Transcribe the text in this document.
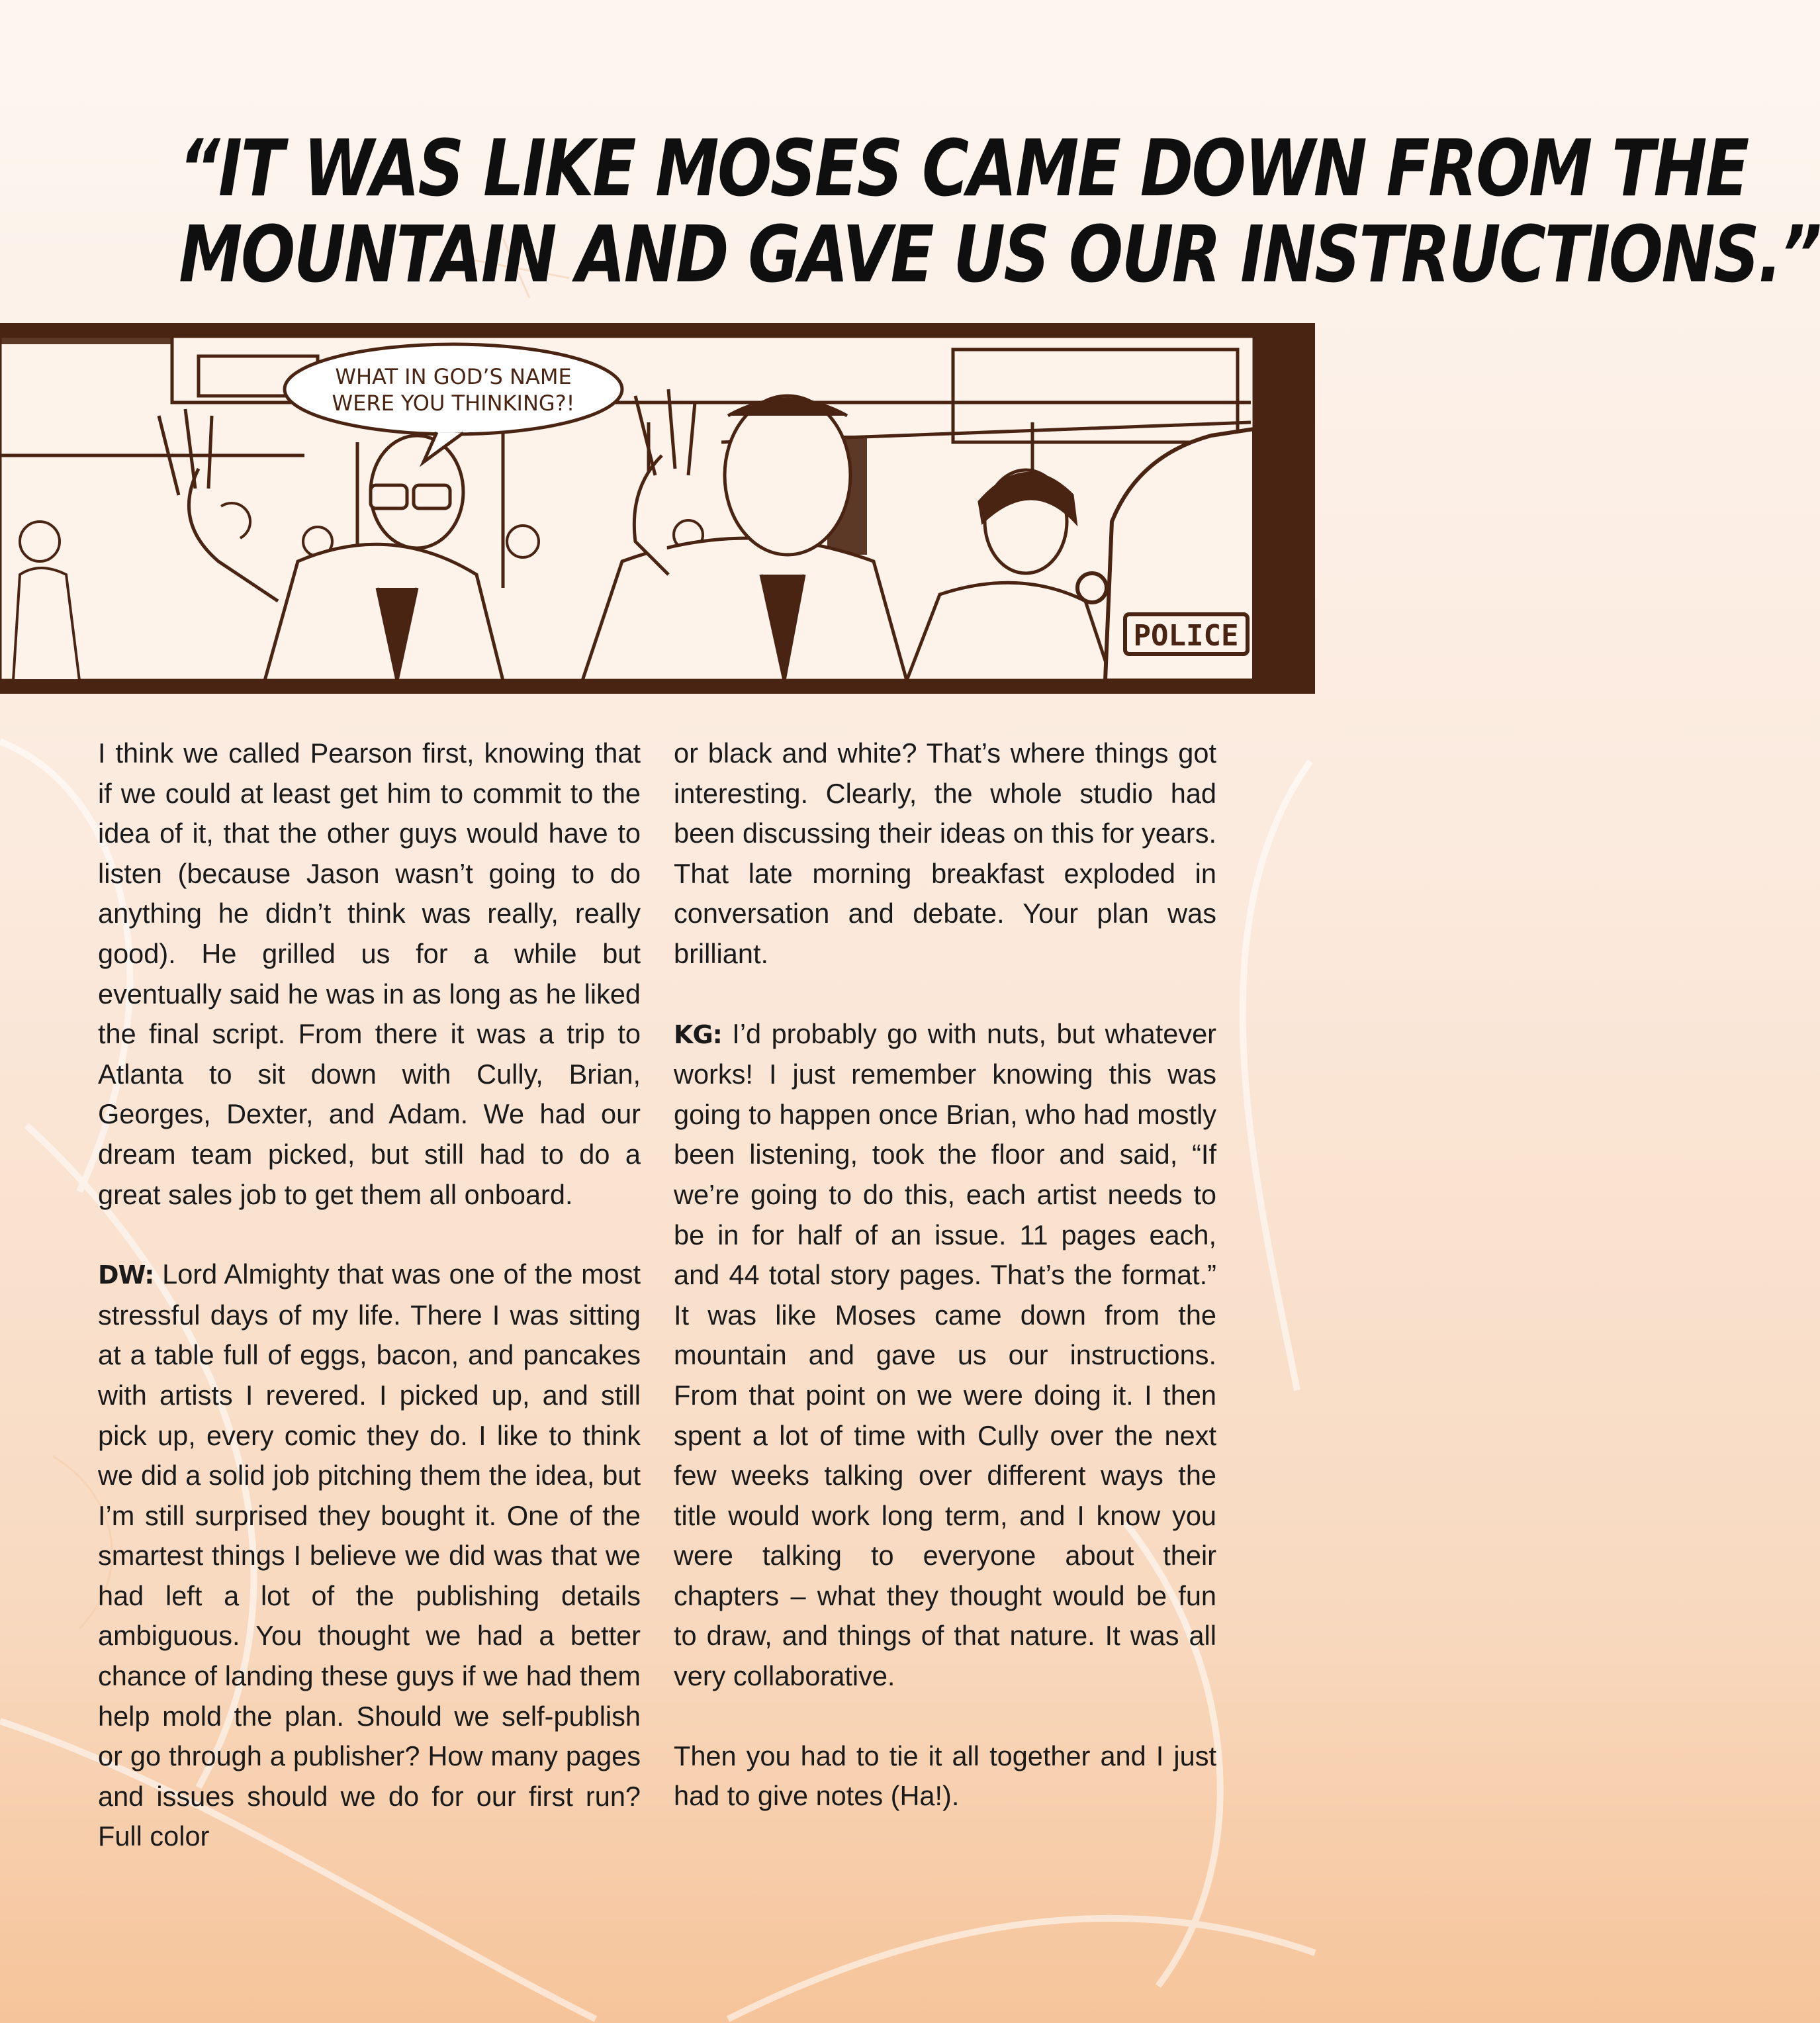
“IT WAS LIKE MOSES CAME DOWN FROM THE
MOUNTAIN AND GAVE US OUR INSTRUCTIONS.”
POLICE
WHAT IN GOD’S NAME
WERE YOU THINKING?!

I think we called Pearson first, knowing that if we could at least get him to commit to the idea of it, that the other guys would have to listen (because Jason wasn’t going to do anything he didn’t think was really, really good). He grilled us for a while but eventually said he was in as long as he liked the final script. From there it was a trip to Atlanta to sit down with Cully, Brian, Georges, Dexter, and Adam. We had our dream team picked, but still had to do a great sales job to get them all onboard.

DW: Lord Almighty that was one of the most stressful days of my life. There I was sitting at a table full of eggs, bacon, and pancakes with artists I revered. I picked up, and still pick up, every comic they do. I like to think we did a solid job pitching them the idea, but I’m still surprised they bought it. One of the smartest things I believe we did was that we had left a lot of the publishing details ambiguous. You thought we had a better chance of landing these guys if we had them help mold the plan. Should we self-publish or go through a publisher? How many pages and issues should we do for our first run? Full color

or black and white? That’s where things got interesting. Clearly, the whole studio had been discussing their ideas on this for years. That late morning breakfast exploded in conversation and debate. Your plan was brilliant.

KG: I’d probably go with nuts, but whatever works! I just remember knowing this was going to happen once Brian, who had mostly been listening, took the floor and said, “If we’re going to do this, each artist needs to be in for half of an issue. 11 pages each, and 44 total story pages. That’s the format.” It was like Moses came down from the mountain and gave us our instructions. From that point on we were doing it. I then spent a lot of time with Cully over the next few weeks talking over different ways the title would work long term, and I know you were talking to everyone about their chapters – what they thought would be fun to draw, and things of that nature. It was all very collaborative.

Then you had to tie it all together and I just had to give notes (Ha!).
